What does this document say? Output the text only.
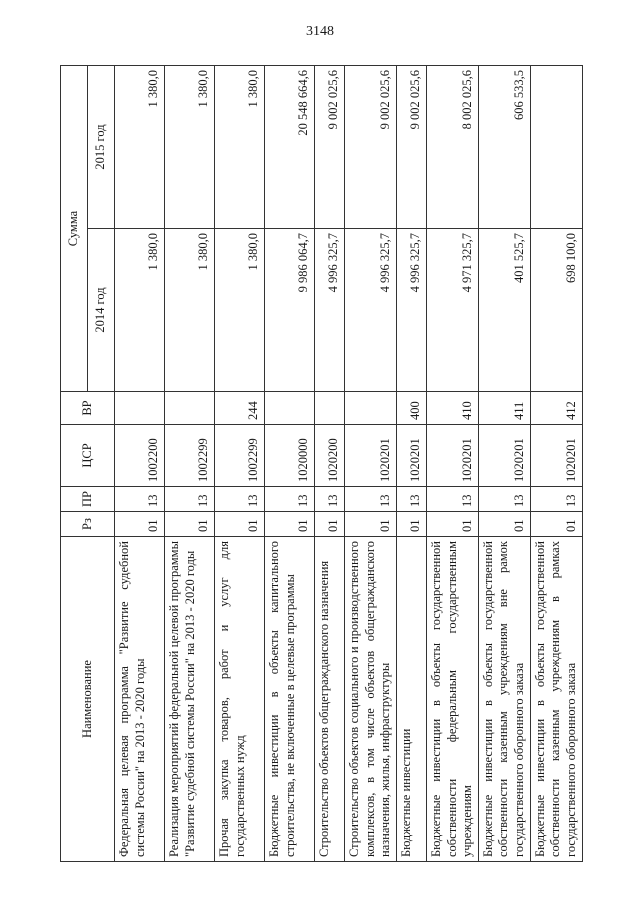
3148
Наименование	Рз	ПР	ЦСР	ВР	Сумма	
					2014 год	2015 год
Федеральная целевая программа "Развитие судебной системы России" на 2013 - 2020 годы	01	13	1002200		1 380,0	1 380,0
Реализация мероприятий федеральной целевой программы "Развитие судебной системы России" на 2013 - 2020 годы	01	13	1002299		1 380,0	1 380,0
Прочая закупка товаров, работ и услуг для государственных нужд	01	13	1002299	244	1 380,0	1 380,0
Бюджетные инвестиции в объекты капитального строительства, не включенные в целевые программы	01	13	1020000		9 986 064,7	20 548 664,6
Строительство объектов общегражданского назначения	01	13	1020200		4 996 325,7	9 002 025,6
Строительство объектов социального и производственного комплексов, в том числе объектов общегражданского назначения, жилья, инфраструктуры	01	13	1020201		4 996 325,7	9 002 025,6
Бюджетные инвестиции	01	13	1020201	400	4 996 325,7	9 002 025,6
Бюджетные инвестиции в объекты государственной собственности федеральным государственным учреждениям	01	13	1020201	410	4 971 325,7	8 002 025,6
Бюджетные инвестиции в объекты государственной собственности казенным учреждениям вне рамок государственного оборонного заказа	01	13	1020201	411	401 525,7	606 533,5
Бюджетные инвестиции в объекты государственной собственности казенным учреждениям в рамках государственного оборонного заказа	01	13	1020201	412	698 100,0	
